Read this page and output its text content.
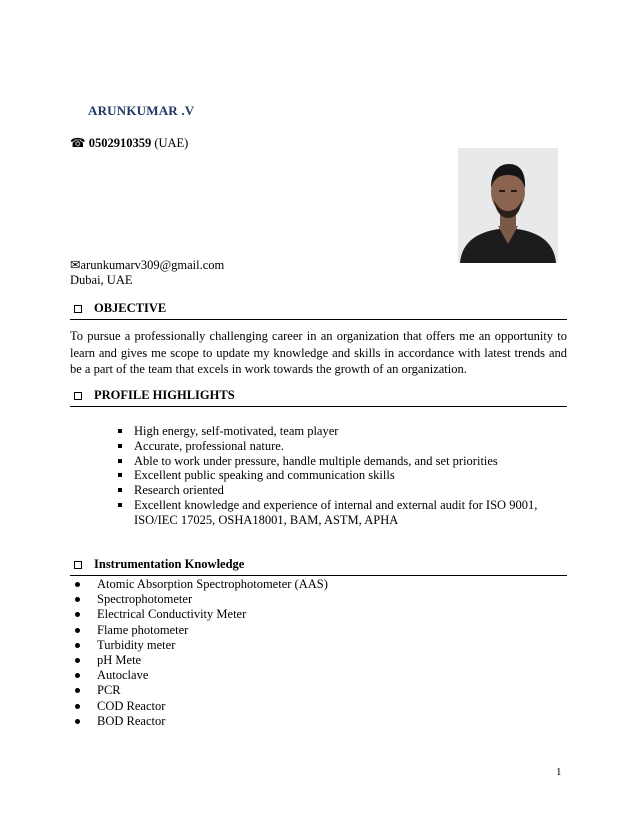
ARUNKUMAR .V
☎ 0502910359 (UAE)
✉arunkumarv309@gmail.com
Dubai, UAE
OBJECTIVE
To pursue a professionally challenging career in an organization that offers me an opportunity to learn and gives me scope to update my knowledge and skills in accordance with latest trends and be a part of the team that excels in work towards the growth of an organization.
PROFILE HIGHLIGHTS
High energy, self-motivated, team player
Accurate, professional nature.
Able to work under pressure, handle multiple demands, and set priorities
Excellent public speaking and communication skills
Research oriented
Excellent knowledge and experience of internal and external audit for ISO 9001, ISO/IEC 17025, OSHA18001, BAM, ASTM, APHA
Instrumentation Knowledge
Atomic Absorption Spectrophotometer (AAS)
Spectrophotometer
Electrical Conductivity Meter
Flame photometer
Turbidity meter
pH Mete
Autoclave
PCR
COD Reactor
BOD Reactor
1
